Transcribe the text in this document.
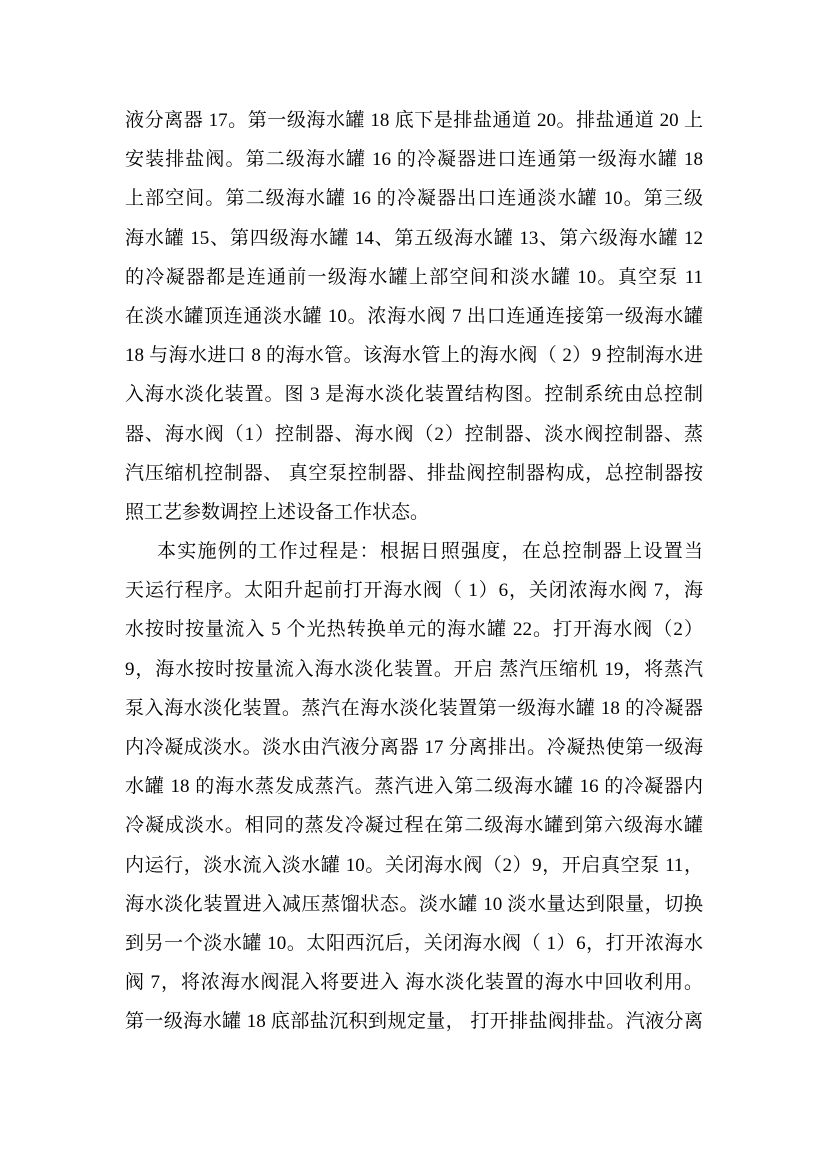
液分离器 17。第一级海水罐 18 底下是排盐通道 20。排盐通道 20 上
安装排盐阀。第二级海水罐 16 的冷凝器进口连通第一级海水罐 18
上部空间。第二级海水罐 16 的冷凝器出口连通淡水罐 10。第三级
海水罐 15、第四级海水罐 14、第五级海水罐 13、第六级海水罐 12
的冷凝器都是连通前一级海水罐上部空间和淡水罐 10。真空泵 11
在淡水罐顶连通淡水罐 10。浓海水阀 7 出口连通连接第一级海水罐
18 与海水进口 8 的海水管。该海水管上的海水阀（ 2）9 控制海水进
入海水淡化装置。图 3 是海水淡化装置结构图。控制系统由总控制
器、海水阀（1）控制器、海水阀（2）控制器、淡水阀控制器、蒸
汽压缩机控制器、 真空泵控制器、排盐阀控制器构成，总控制器按
照工艺参数调控上述设备工作状态。
本实施例的工作过程是：根据日照强度，在总控制器上设置当
天运行程序。太阳升起前打开海水阀（ 1）6，关闭浓海水阀 7，海
水按时按量流入 5 个光热转换单元的海水罐 22。打开海水阀（2）
9，海水按时按量流入海水淡化装置。开启 蒸汽压缩机 19，将蒸汽
泵入海水淡化装置。蒸汽在海水淡化装置第一级海水罐 18 的冷凝器
内冷凝成淡水。淡水由汽液分离器 17 分离排出。冷凝热使第一级海
水罐 18 的海水蒸发成蒸汽。蒸汽进入第二级海水罐 16 的冷凝器内
冷凝成淡水。相同的蒸发冷凝过程在第二级海水罐到第六级海水罐
内运行，淡水流入淡水罐 10。关闭海水阀（2）9，开启真空泵 11，
海水淡化装置进入减压蒸馏状态。淡水罐 10 淡水量达到限量，切换
到另一个淡水罐 10。太阳西沉后，关闭海水阀（ 1）6，打开浓海水
阀 7，将浓海水阀混入将要进入 海水淡化装置的海水中回收利用。
第一级海水罐 18 底部盐沉积到规定量， 打开排盐阀排盐。汽液分离
